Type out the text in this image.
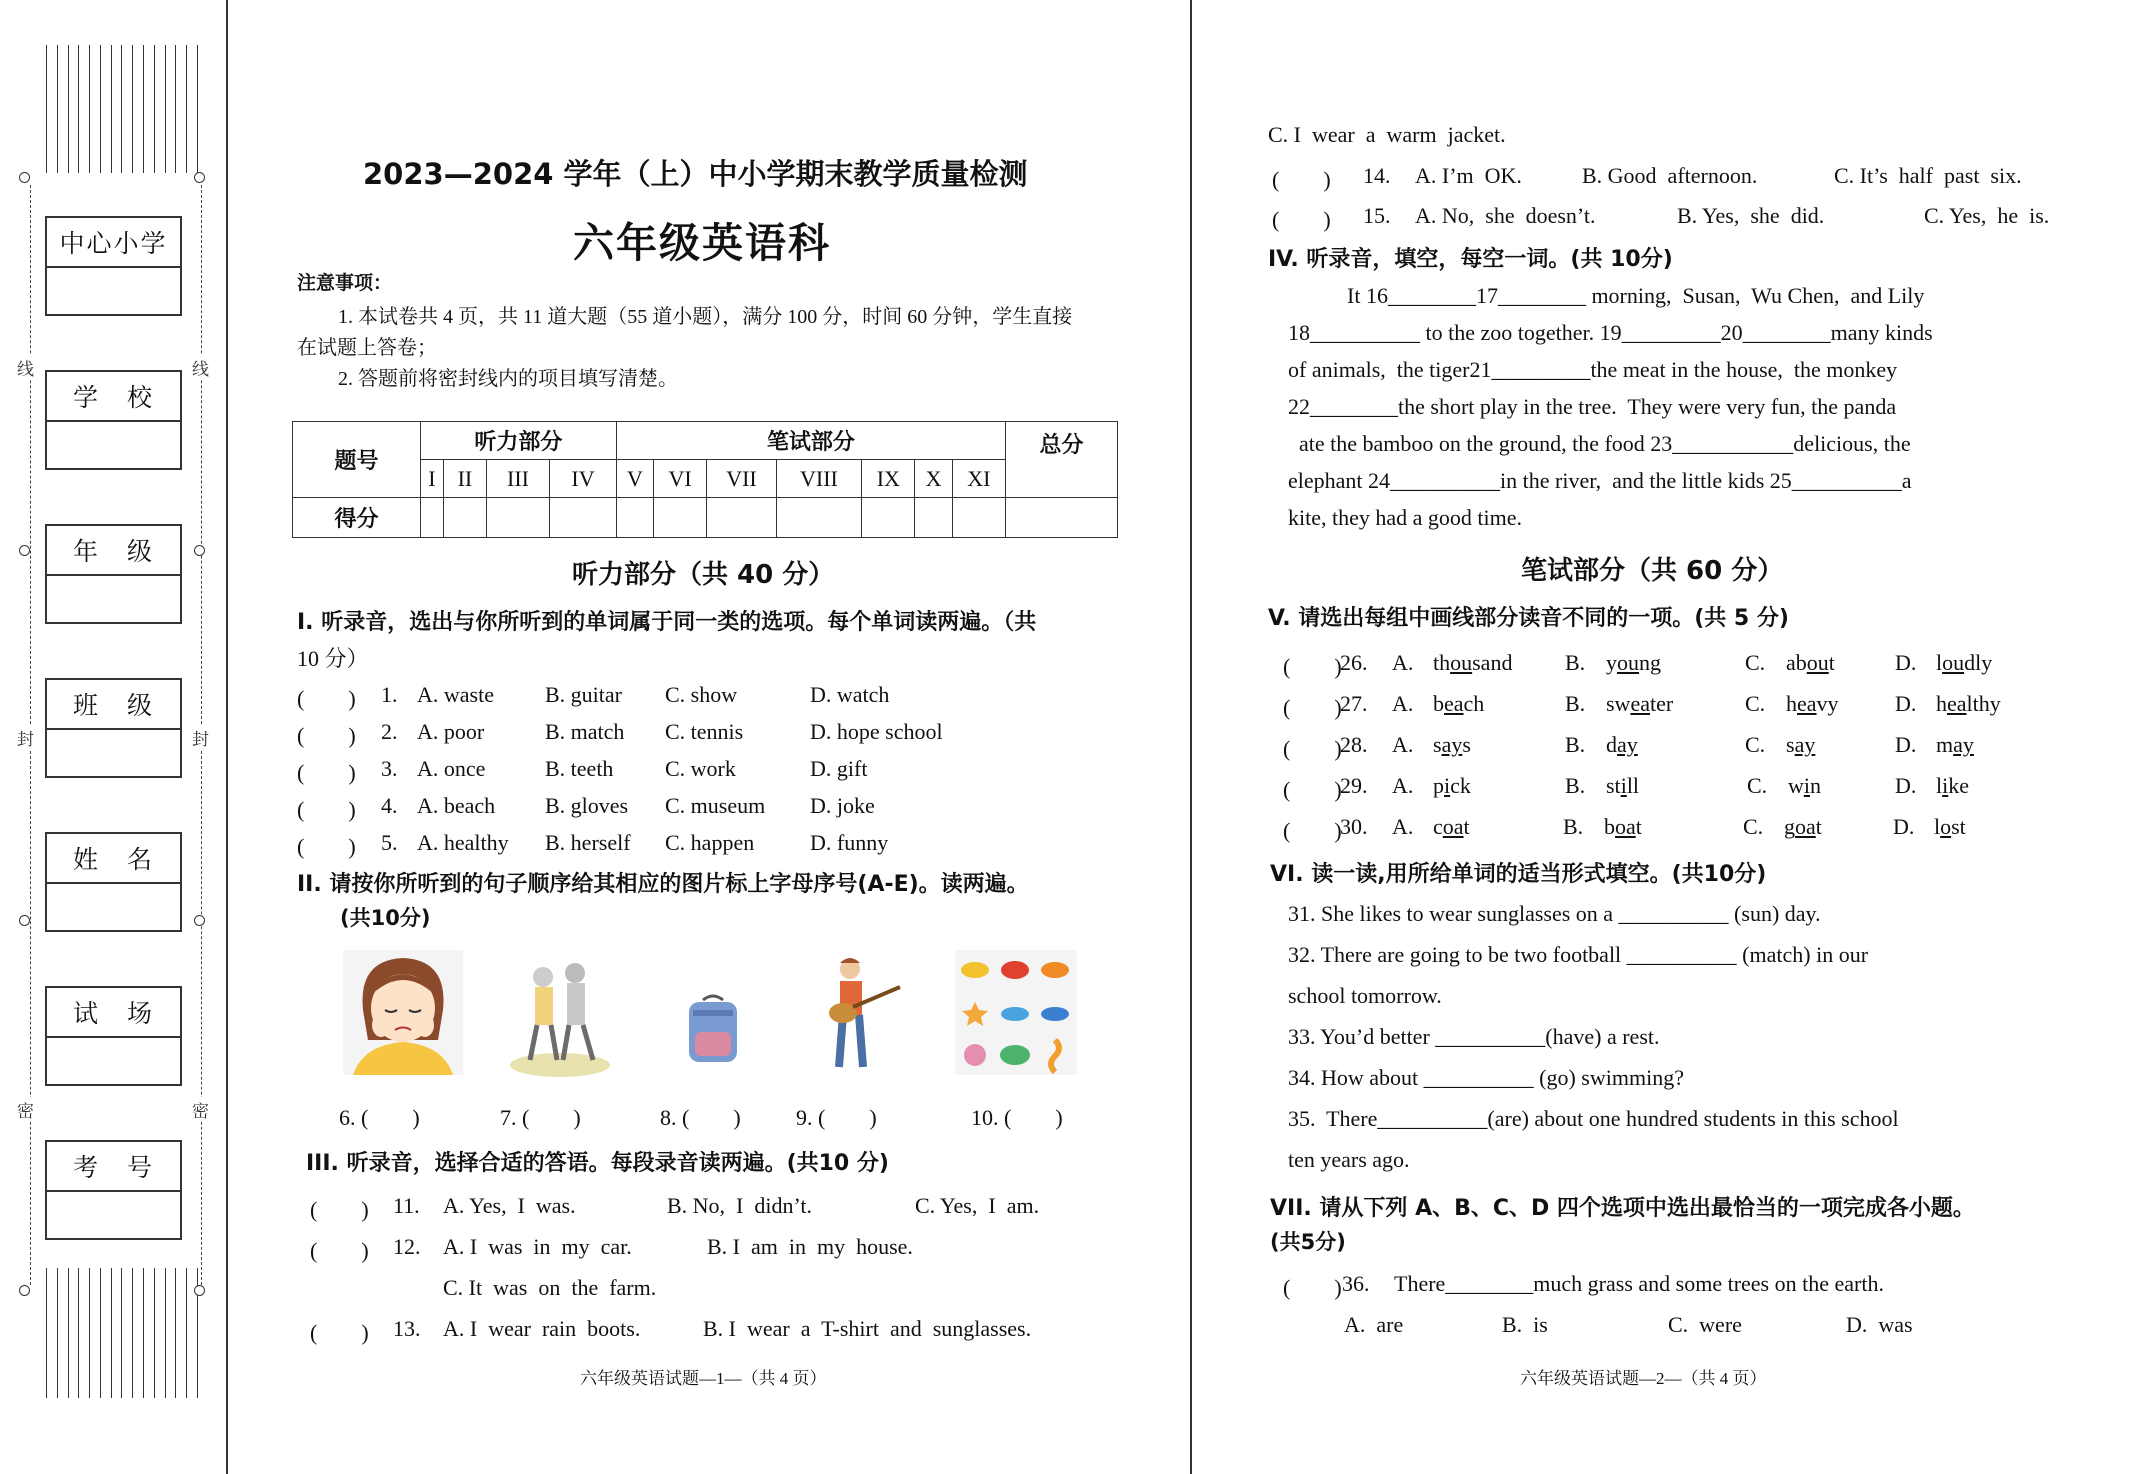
线	线
封	封
密	密
中心小学
学　校
年　级
班　级
姓　名
试　场
考　号
2023—2024 学年（上）中小学期末教学质量检测
六年级英语科
注意事项：
1. 本试卷共 4 页，共 11 道大题（55 道小题），满分 100 分，时间 60 分钟，学生直接
在试题上答卷；
2. 答题前将密封线内的项目填写清楚。
题号	听力部分				笔试部分							总分
	I	II	III	IV	V	VI	VII	VIII	IX	X	XI	
得分												
听力部分（共 40 分）
I. 听录音，选出与你所听到的单词属于同一类的选项。每个单词读两遍。（共
10 分）
(　　) 1. A. waste B. guitar C. show	D. watch
(　　) 2. A. poor	B. match C. tennis	D. hope school
(　　) 3. A. once	B. teeth C. work	D. gift
(　　) 4. A. beach B. gloves C. museum D. joke
(　　) 5. A. healthy B. herself C. happen	D. funny
II. 请按你所听到的句子顺序给其相应的图片标上字母序号(A-E)。读两遍。
(共10分)
6. (　　)	7. (　　)	8. (　　)	9. (　　)	10. (　　)
III. 听录音，选择合适的答语。每段录音读两遍。(共10 分)
(　　) 11. A. Yes,  I  was.	B. No,  I  didn’t.	C. Yes,  I  am.
(　　) 12. A. I  was  in  my  car.	B. I  am  in  my  house.
C. It  was  on  the  farm.
(　　) 13. A. I  wear  rain  boots.	B. I  wear  a  T-shirt  and  sunglasses.
六年级英语试题—1—（共 4 页）
C. I  wear  a  warm  jacket.
(　　) 14. A. I’m  OK.	B. Good  afternoon.	C. It’s  half  past  six.
(　　) 15. A. No,  she  doesn’t.	B. Yes,  she  did.	C. Yes,  he  is.
IV. 听录音，填空，每空一词。(共 10分)
It 16________17________ morning,  Susan,  Wu Chen,  and Lily
18__________ to the zoo together. 19_________20________many kinds
of animals,  the tiger21_________the meat in the house,  the monkey
22________the short play in the tree.  They were very fun, the panda
ate the bamboo on the ground, the food 23___________delicious, the
elephant 24__________in the river,  and the little kids 25__________a
kite, they had a good time.
笔试部分（共 60 分）
V. 请选出每组中画线部分读音不同的一项。(共 5 分)
(　　)
26. A. thousand B. young	C. about	D. loudly
(　　)
27. A. beach	B. sweater	C. heavy	D. healthy
(　　)
28. A. says	B. day	C. say	D. may
(　　)
29. A. pick	B. still	C. win	D. like
(　　)
30. A. coat	B. boat	C. goat	D. lost
VI. 读一读,用所给单词的适当形式填空。(共10分)
31. She likes to wear sunglasses on a __________ (sun) day.
32. There are going to be two football __________ (match) in our
school tomorrow.
33. You’d better __________(have) a rest.
34. How about __________ (go) swimming?
35.  There__________(are) about one hundred students in this school
ten years ago.
VII. 请从下列 A、B、C、D 四个选项中选出最恰当的一项完成各小题。
(共5分)
(　　) 36. There________much grass and some trees on the earth.
A.  are	B.  is	C.  were	D.  was
六年级英语试题—2—（共 4 页）
